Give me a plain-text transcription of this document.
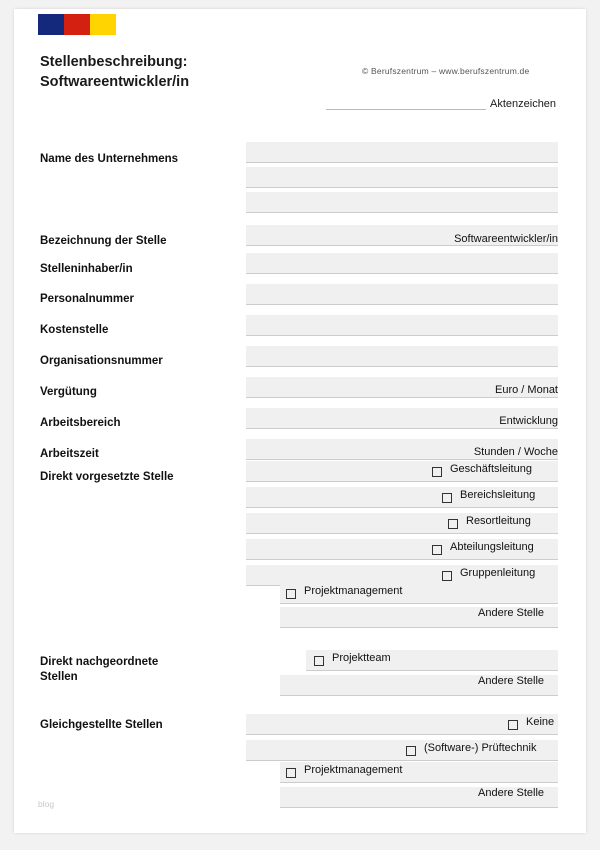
Stellenbeschreibung:
Softwareentwickler/in
© Berufszentrum – www.berufszentrum.de
Aktenzeichen
Name des Unternehmens
Bezeichnung der Stelle	Softwareentwickler/in
Stelleninhaber/in
Personalnummer
Kostenstelle
Organisationsnummer
Vergütung	Euro / Monat
Arbeitsbereich	Entwicklung
Arbeitszeit	Stunden / Woche
Direkt vorgesetzte Stelle
Geschäftsleitung
Bereichsleitung
Resortleitung
Abteilungsleitung
Gruppenleitung
Projektmanagement
Andere Stelle
Direkt nachgeordnete
Stellen
Projektteam
Andere Stelle
Gleichgestellte Stellen	Keine
(Software-) Prüftechnik
Projektmanagement
Andere Stelle
blog
